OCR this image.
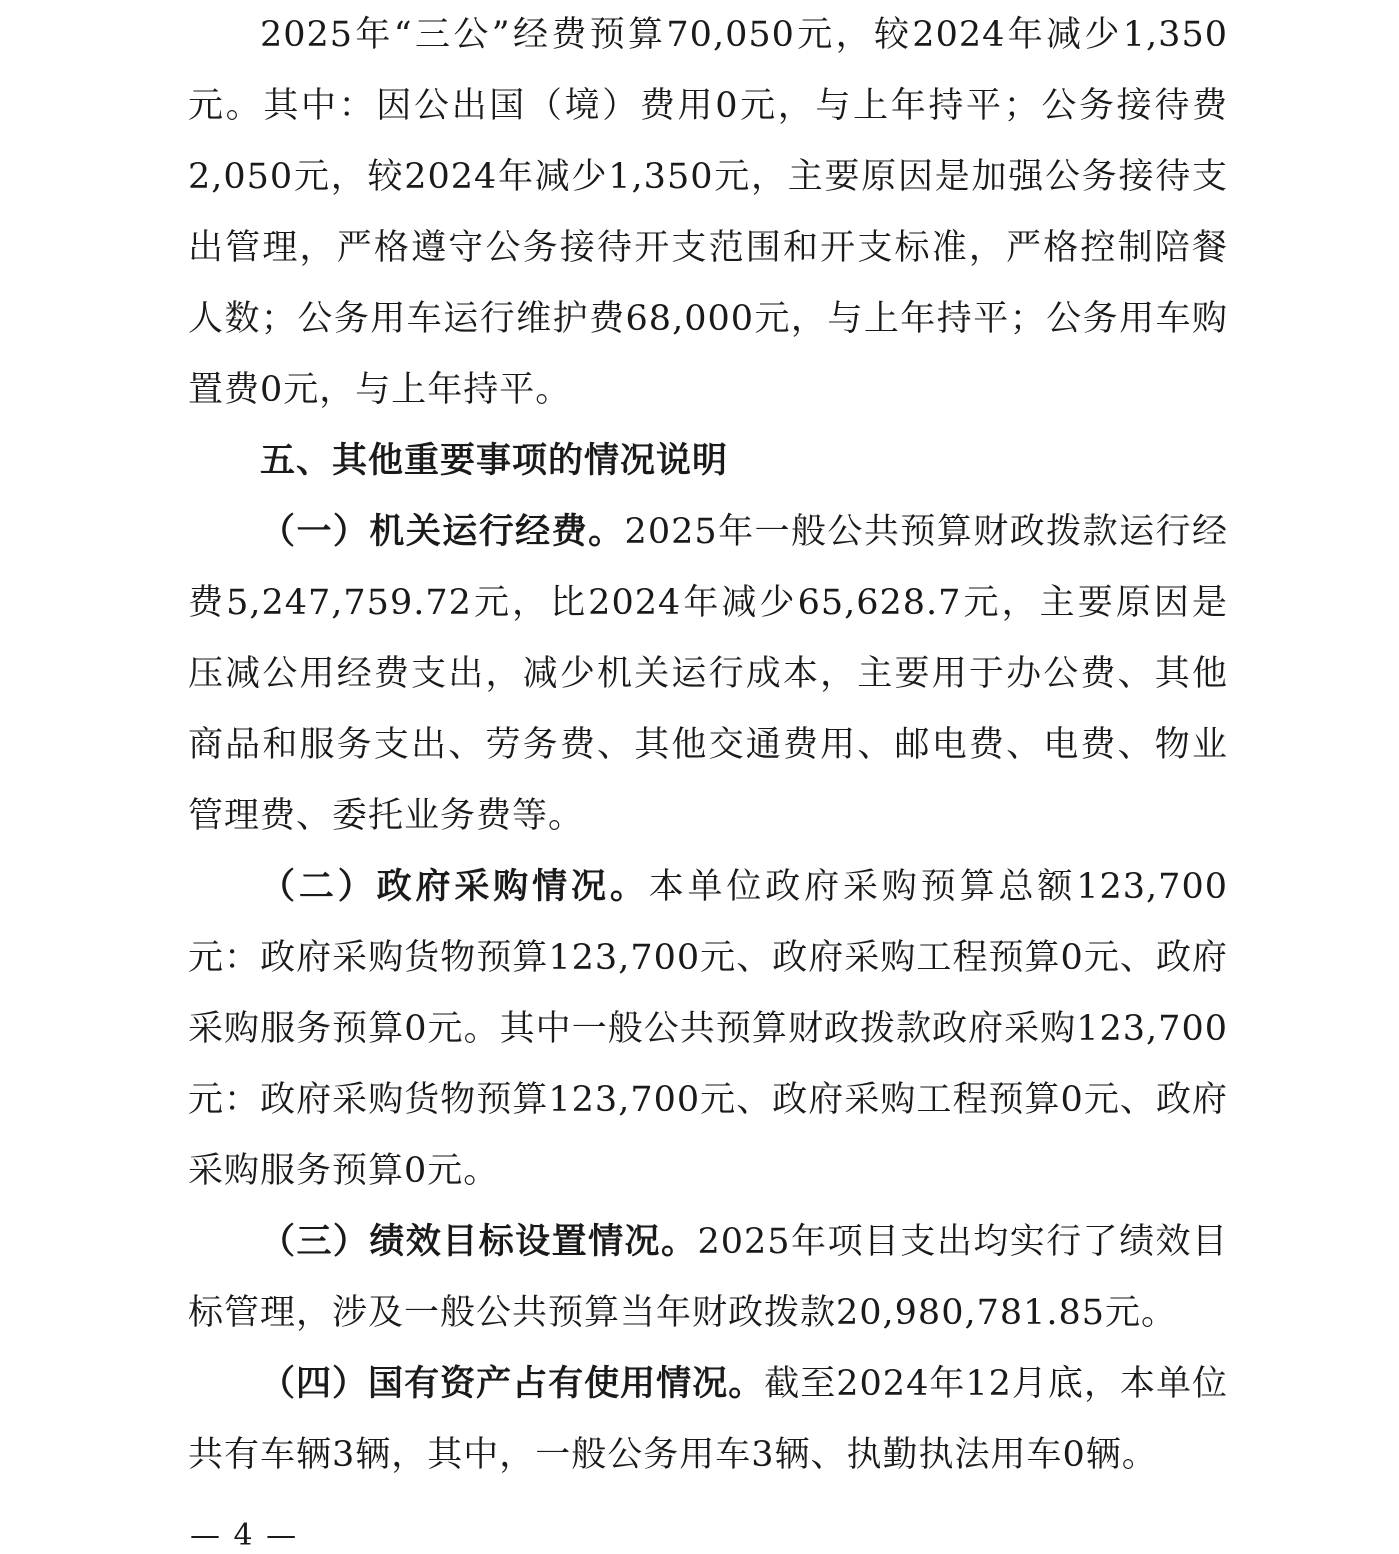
2025年“三公”经费预算70,050元，较2024年减少1,350元。其中：因公出国（境）费用0元，与上年持平；公务接待费2,050元，较2024年减少1,350元，主要原因是加强公务接待支出管理，严格遵守公务接待开支范围和开支标准，严格控制陪餐人数；公务用车运行维护费68,000元，与上年持平；公务用车购置费0元，与上年持平。

五、其他重要事项的情况说明

（一）机关运行经费。2025年一般公共预算财政拨款运行经费5,247,759.72元，比2024年减少65,628.7元，主要原因是压减公用经费支出，减少机关运行成本，主要用于办公费、其他商品和服务支出、劳务费、其他交通费用、邮电费、电费、物业管理费、委托业务费等。

（二）政府采购情况。本单位政府采购预算总额123,700元：政府采购货物预算123,700元、政府采购工程预算0元、政府采购服务预算0元。其中一般公共预算财政拨款政府采购123,700元：政府采购货物预算123,700元、政府采购工程预算0元、政府采购服务预算0元。

（三）绩效目标设置情况。2025年项目支出均实行了绩效目标管理，涉及一般公共预算当年财政拨款20,980,781.85元。

（四）国有资产占有使用情况。截至2024年12月底，本单位共有车辆3辆，其中，一般公务用车3辆、执勤执法用车0辆。

— 4 —
